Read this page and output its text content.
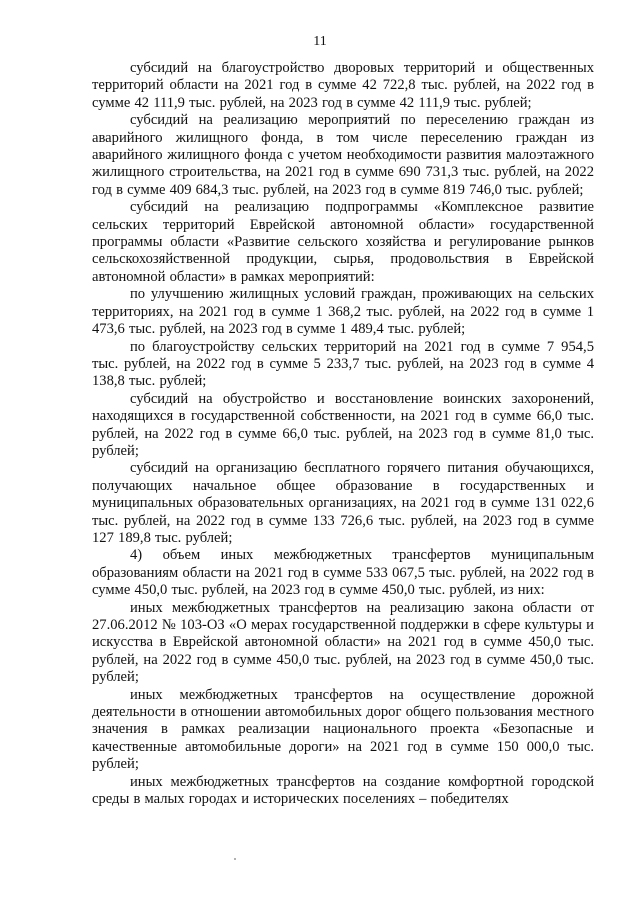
11

субсидий на благоустройство дворовых территорий и общественных территорий области на 2021 год в сумме 42 722,8 тыс. рублей, на 2022 год в сумме 42 111,9 тыс. рублей, на 2023 год в сумме 42 111,9 тыс. рублей;

субсидий на реализацию мероприятий по переселению граждан из аварийного жилищного фонда, в том числе переселению граждан из аварийного жилищного фонда с учетом необходимости развития малоэтажного жилищного строительства, на 2021 год в сумме 690 731,3 тыс. рублей, на 2022 год в сумме 409 684,3 тыс. рублей, на 2023 год в сумме 819 746,0 тыс. рублей;

субсидий на реализацию подпрограммы «Комплексное развитие сельских территорий Еврейской автономной области» государственной программы области «Развитие сельского хозяйства и регулирование рынков сельскохозяйственной продукции, сырья, продовольствия в Еврейской автономной области» в рамках мероприятий:

по улучшению жилищных условий граждан, проживающих на сельских территориях, на 2021 год в сумме 1 368,2 тыс. рублей, на 2022 год в сумме 1 473,6 тыс. рублей, на 2023 год в сумме 1 489,4 тыс. рублей;

по благоустройству сельских территорий на 2021 год в сумме 7 954,5 тыс. рублей, на 2022 год в сумме 5 233,7 тыс. рублей, на 2023 год в сумме 4 138,8 тыс. рублей;

субсидий на обустройство и восстановление воинских захоронений, находящихся в государственной собственности, на 2021 год в сумме 66,0 тыс. рублей, на 2022 год в сумме 66,0 тыс. рублей, на 2023 год в сумме 81,0 тыс. рублей;

субсидий на организацию бесплатного горячего питания обучающихся, получающих начальное общее образование в государственных и муниципальных образовательных организациях, на 2021 год в сумме 131 022,6 тыс. рублей, на 2022 год в сумме 133 726,6 тыс. рублей, на 2023 год в сумме 127 189,8 тыс. рублей;

4) объем иных межбюджетных трансфертов муниципальным образованиям области на 2021 год в сумме 533 067,5 тыс. рублей, на 2022 год в сумме 450,0 тыс. рублей, на 2023 год в сумме 450,0 тыс. рублей, из них:

иных межбюджетных трансфертов на реализацию закона области от 27.06.2012 № 103-ОЗ «О мерах государственной поддержки в сфере культуры и искусства в Еврейской автономной области» на 2021 год в сумме 450,0 тыс. рублей, на 2022 год в сумме 450,0 тыс. рублей, на 2023 год в сумме 450,0 тыс. рублей;

иных межбюджетных трансфертов на осуществление дорожной деятельности в отношении автомобильных дорог общего пользования местного значения в рамках реализации национального проекта «Безопасные и качественные автомобильные дороги» на 2021 год в сумме 150 000,0 тыс. рублей;

иных межбюджетных трансфертов на создание комфортной городской среды в малых городах и исторических поселениях – победителях
